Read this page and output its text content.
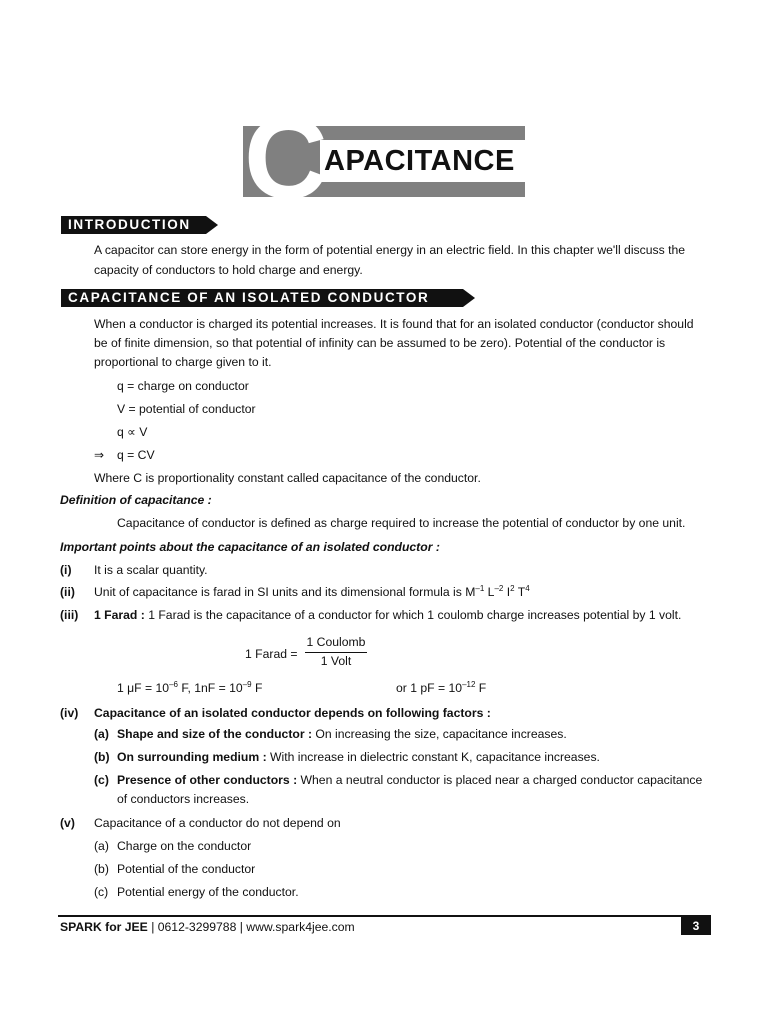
C APACITANCE
INTRODUCTION
A capacitor can store energy in the form of potential energy in an electric field. In this chapter we'll discuss the
capacity of conductors to hold charge and energy.
CAPACITANCE OF AN ISOLATED CONDUCTOR
When a conductor is charged its potential increases. It is found that for an isolated conductor (conductor should
be of finite dimension, so that potential of infinity can be assumed to be zero). Potential of the conductor is
proportional to charge given to it.
q = charge on conductor
V = potential of conductor
q ∝ V
⇒ q = CV
Where C is proportionality constant called capacitance of the conductor.
Definition of capacitance :
Capacitance of conductor is defined as charge required to increase the potential of conductor by one unit.
Important points about the capacitance of an isolated conductor :
(i) It is a scalar quantity.
(ii) Unit of capacitance is farad in SI units and its dimensional formula is $M^{-1}$ $L^{-2}$ $I^2$ $T^4$
(iii) 1 Farad : 1 Farad is the capacitance of a conductor for which 1 coulomb charge increases potential by 1 volt.
1 Farad =
1 Coulomb
1 Volt
1 $\mu F = 10^{-6}$ F, $1nF = 10^{-9}$ F	or 1 pF = $10^{-12}$ F
(iv) Capacitance of an isolated conductor depends on following factors :
(a) Shape and size of the conductor : On increasing the size, capacitance increases.
(b) On surrounding medium : With increase in dielectric constant K, capacitance increases.
(c) Presence of other conductors : When a neutral conductor is placed near a charged conductor capacitance
of conductors increases.
(v) Capacitance of a conductor do not depend on
(a) Charge on the conductor
(b) Potential of the conductor
(c) Potential energy of the conductor.
SPARK for JEE | 0612-3299788 | www.spark4jee.com	3
